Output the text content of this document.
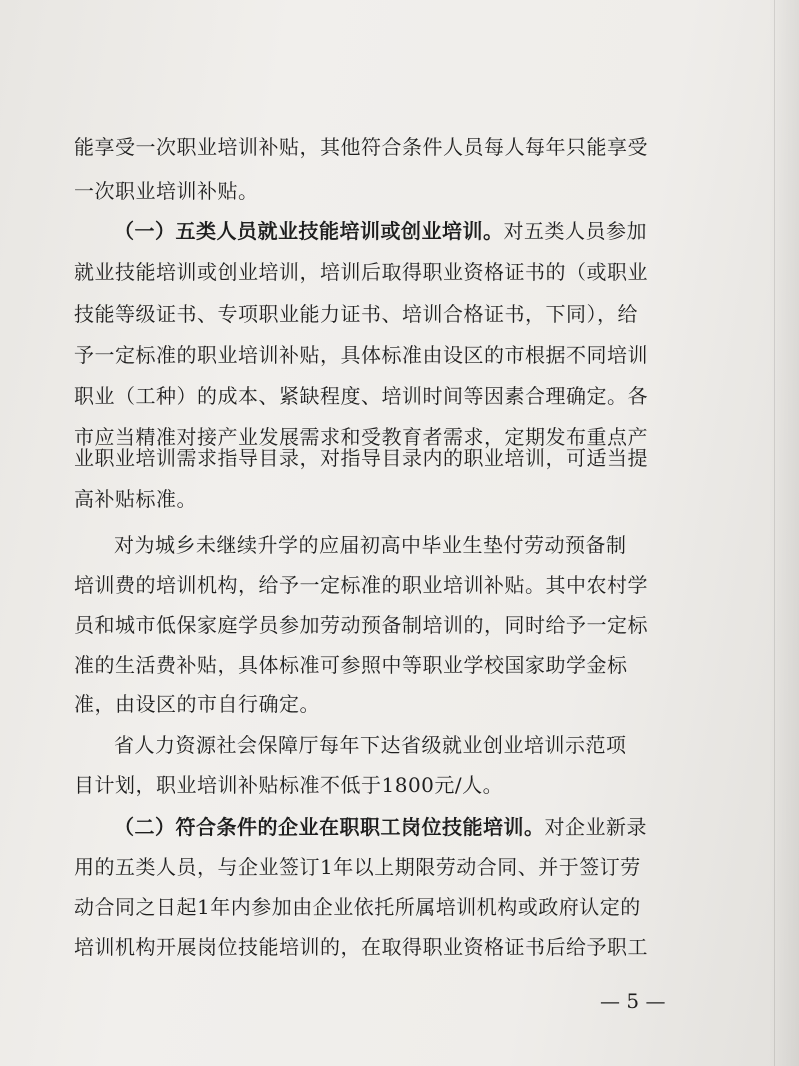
能享受一次职业培训补贴，其他符合条件人员每人每年只能享受
一次职业培训补贴。
（一）五类人员就业技能培训或创业培训。对五类人员参加
就业技能培训或创业培训，培训后取得职业资格证书的（或职业
技能等级证书、专项职业能力证书、培训合格证书，下同），给
予一定标准的职业培训补贴，具体标准由设区的市根据不同培训
职业（工种）的成本、紧缺程度、培训时间等因素合理确定。各
市应当精准对接产业发展需求和受教育者需求，定期发布重点产
业职业培训需求指导目录，对指导目录内的职业培训，可适当提
高补贴标准。
对为城乡未继续升学的应届初高中毕业生垫付劳动预备制
培训费的培训机构，给予一定标准的职业培训补贴。其中农村学
员和城市低保家庭学员参加劳动预备制培训的，同时给予一定标
准的生活费补贴，具体标准可参照中等职业学校国家助学金标
准，由设区的市自行确定。
省人力资源社会保障厅每年下达省级就业创业培训示范项
目计划，职业培训补贴标准不低于1800元/人。
（二）符合条件的企业在职职工岗位技能培训。对企业新录
用的五类人员，与企业签订1年以上期限劳动合同、并于签订劳
动合同之日起1年内参加由企业依托所属培训机构或政府认定的
培训机构开展岗位技能培训的，在取得职业资格证书后给予职工
— 5 —
